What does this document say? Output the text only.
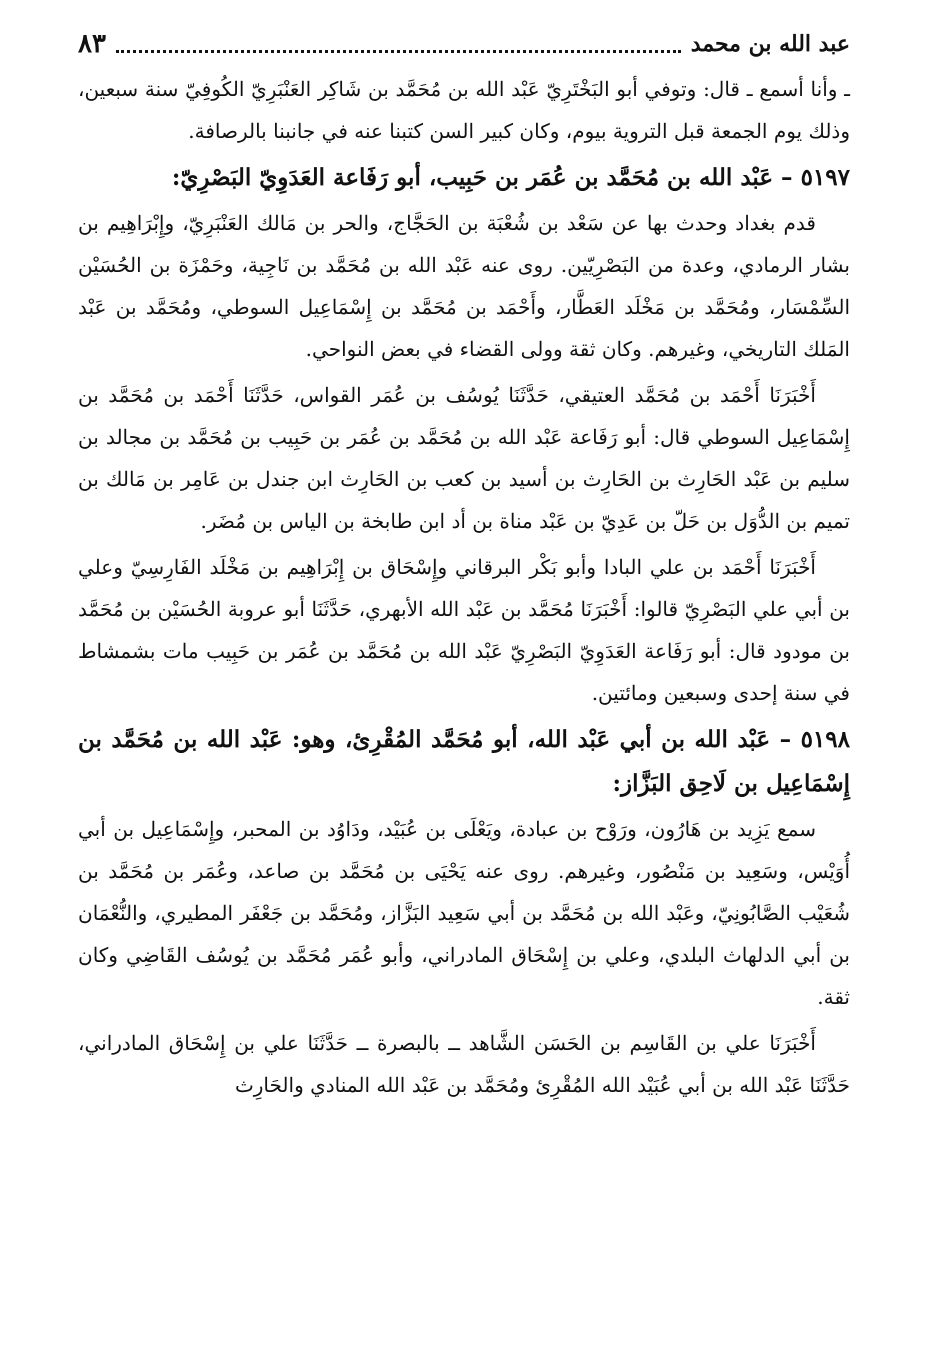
عبد الله بن محمد
٨٣

ـ وأنا أسمع ـ قال: وتوفي أبو البَخْتَرِيّ عَبْد الله بن مُحَمَّد بن شَاكِر العَنْبَرِيّ الكُوفِيّ سنة سبعين، وذلك يوم الجمعة قبل التروية بيوم، وكان كبير السن كتبنا عنه في جانبنا بالرصافة.

٥١٩٧ – عَبْد الله بن مُحَمَّد بن عُمَر بن حَبِيب، أبو رَفَاعة العَدَوِيّ البَصْرِيّ:

قدم بغداد وحدث بها عن سَعْد بن شُعْبَة بن الحَجَّاج، والحر بن مَالك العَنْبَرِيّ، وإِبْرَاهِيم بن بشار الرمادي، وعدة من البَصْرِيّين. روى عنه عَبْد الله بن مُحَمَّد بن نَاجِية، وحَمْزَة بن الحُسَيْن السِّمْسَار، ومُحَمَّد بن مَخْلَد العَطَّار، وأَحْمَد بن مُحَمَّد بن إِسْمَاعِيل السوطي، ومُحَمَّد بن عَبْد المَلك التاريخي، وغيرهم. وكان ثقة وولى القضاء في بعض النواحي.

أَخْبَرَنَا أَحْمَد بن مُحَمَّد العتيقي، حَدَّثَنَا يُوسُف بن عُمَر القواس، حَدَّثَنَا أَحْمَد بن مُحَمَّد بن إِسْمَاعِيل السوطي قال: أبو رَفَاعة عَبْد الله بن مُحَمَّد بن عُمَر بن حَبِيب بن مُحَمَّد بن مجالد بن سليم بن عَبْد الحَارِث بن الحَارِث بن أسيد بن كعب بن الحَارِث ابن جندل بن عَامِر بن مَالك بن تميم بن الدُّوَل بن حَلّ بن عَدِيّ بن عَبْد مناة بن أد ابن طابخة بن الياس بن مُضَر.

أَخْبَرَنَا أَحْمَد بن علي البادا وأبو بَكْر البرقاني وإِسْحَاق بن إِبْرَاهِيم بن مَخْلَد الفَارِسِيّ وعلي بن أبي علي البَصْرِيّ قالوا: أَخْبَرَنَا مُحَمَّد بن عَبْد الله الأبهري، حَدَّثَنَا أبو عروبة الحُسَيْن بن مُحَمَّد بن مودود قال: أبو رَفَاعة العَدَوِيّ البَصْرِيّ عَبْد الله بن مُحَمَّد بن عُمَر بن حَبِيب مات بشمشاط في سنة إحدى وسبعين ومائتين.

٥١٩٨ – عَبْد الله بن أبي عَبْد الله، أبو مُحَمَّد المُقْرِئ، وهو: عَبْد الله بن مُحَمَّد بن إِسْمَاعِيل بن لَاحِق البَزَّاز:

سمع يَزِيد بن هَارُون، ورَوْح بن عبادة، ويَعْلَى بن عُبَيْد، ودَاوُد بن المحبر، وإِسْمَاعِيل بن أبي أُوَيْس، وسَعِيد بن مَنْصُور، وغيرهم. روى عنه يَحْيَى بن مُحَمَّد بن صاعد، وعُمَر بن مُحَمَّد بن شُعَيْب الصَّابُونِيّ، وعَبْد الله بن مُحَمَّد بن أبي سَعِيد البَزَّاز، ومُحَمَّد بن جَعْفَر المطيري، والنُّعْمَان بن أبي الدلهاث البلدي، وعلي بن إِسْحَاق المادراني، وأبو عُمَر مُحَمَّد بن يُوسُف القَاضِي وكان ثقة.

أَخْبَرَنَا علي بن القَاسِم بن الحَسَن الشَّاهد ــ بالبصرة ــ حَدَّثَنَا علي بن إِسْحَاق المادراني، حَدَّثَنَا عَبْد الله بن أبي عُبَيْد الله المُقْرِئ ومُحَمَّد بن عَبْد الله المنادي والحَارِث
